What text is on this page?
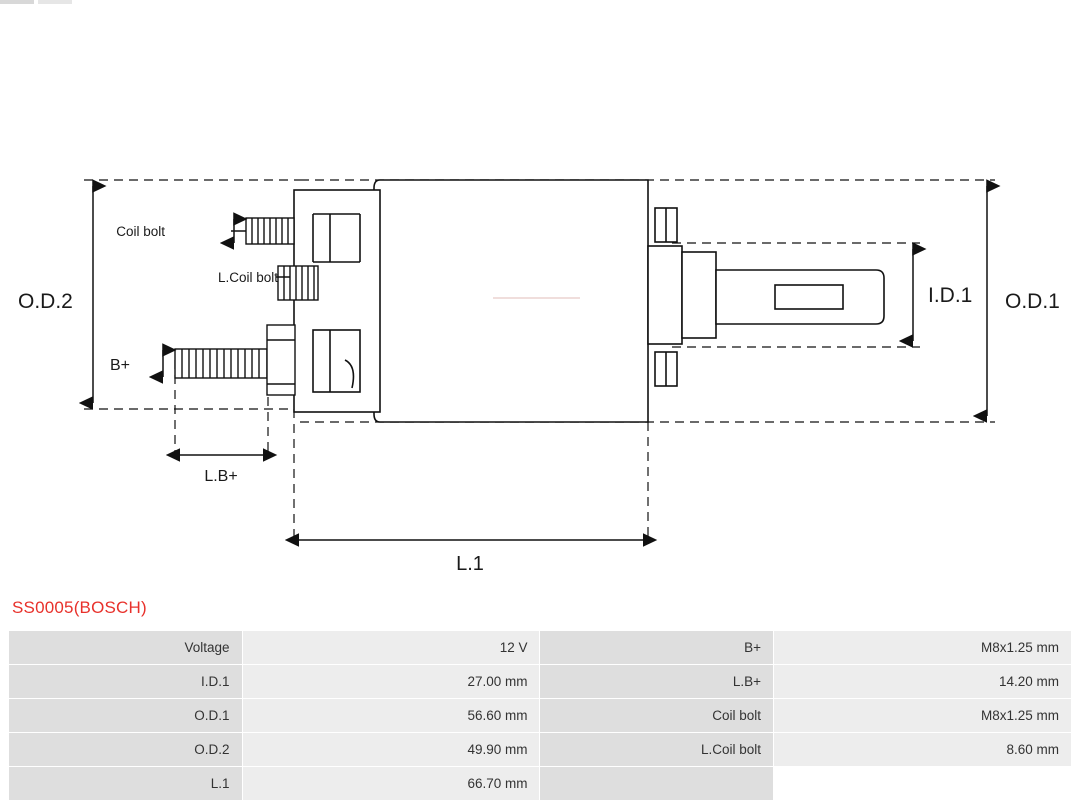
O.D.2	O.D.1
I.D.1
Coil bolt
L.Coil bolt
B+
L.B+
L.1
SS0005(BOSCH)
Voltage	12 V	B+	M8x1.25 mm
I.D.1	27.00 mm	L.B+	14.20 mm
O.D.1	56.60 mm	Coil bolt	M8x1.25 mm
O.D.2	49.90 mm	L.Coil bolt	8.60 mm
L.1	66.70 mm		
